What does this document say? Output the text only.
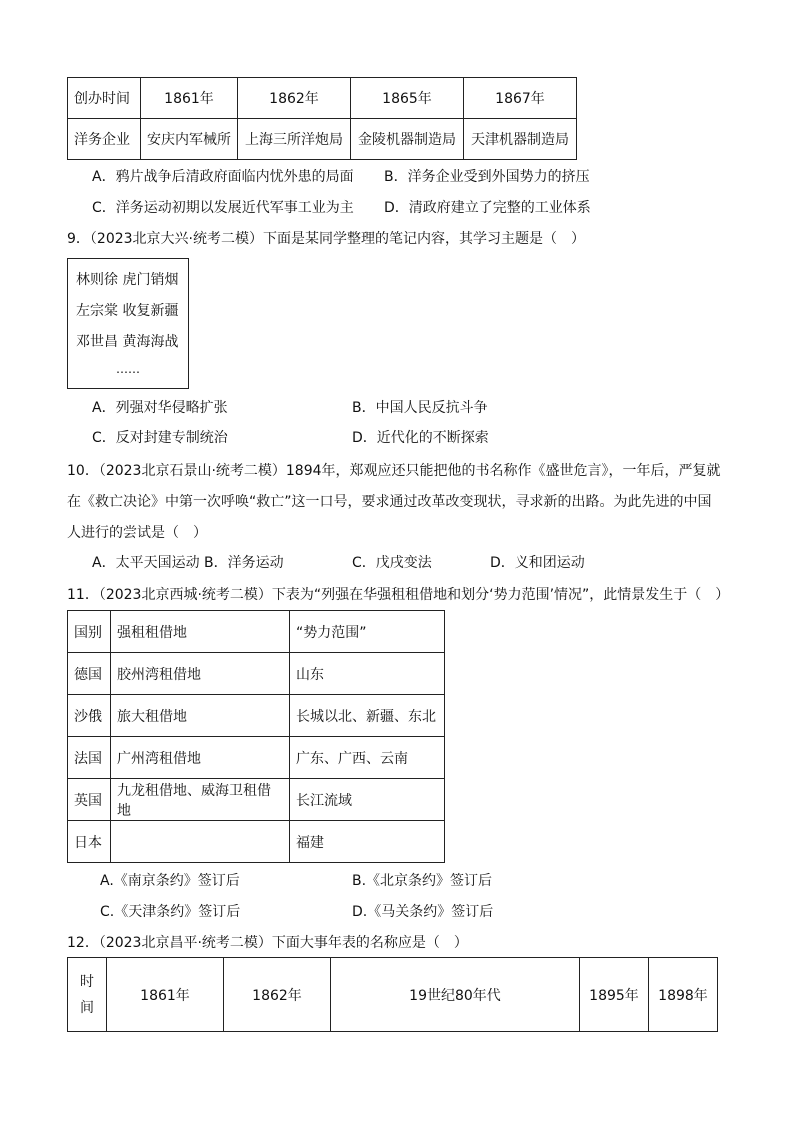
创办时间	1861年	1862年	1865年	1867年
洋务企业	安庆内军械所	上海三所洋炮局	金陵机器制造局	天津机器制造局
A．鸦片战争后清政府面临内忧外患的局面 B．洋务企业受到外国势力的挤压
C．洋务运动初期以发展近代军事工业为主 D．清政府建立了完整的工业体系
9．（2023北京大兴·统考二模）下面是某同学整理的笔记内容，其学习主题是（　）
林则徐 虎门销烟
左宗棠 收复新疆
邓世昌 黄海海战
……
A．列强对华侵略扩张	B．中国人民反抗斗争
C．反对封建专制统治	D．近代化的不断探索
10．（2023北京石景山·统考二模）1894年，郑观应还只能把他的书名称作《盛世危言》，一年后，严复就
在《救亡决论》中第一次呼唤“救亡”这一口号，要求通过改革改变现状，寻求新的出路。为此先进的中国
人进行的尝试是（　）
A．太平天国运动 B．洋务运动	C．戊戌变法	D．义和团运动
11．（2023北京西城·统考二模）下表为“列强在华强租租借地和划分‘势力范围’情况”，此情景发生于（　）
国别	强租租借地	“势力范围”
德国	胶州湾租借地	山东
沙俄	旅大租借地	长城以北、新疆、东北
法国	广州湾租借地	广东、广西、云南
英国	九龙租借地、威海卫租借地	长江流域
日本		福建
A.《南京条约》签订后	B.《北京条约》签订后
C.《天津条约》签订后	D.《马关条约》签订后
12．（2023北京昌平·统考二模）下面大事年表的名称应是（　）
时
间	1861年	1862年	19世纪80年代	1895年	1898年
